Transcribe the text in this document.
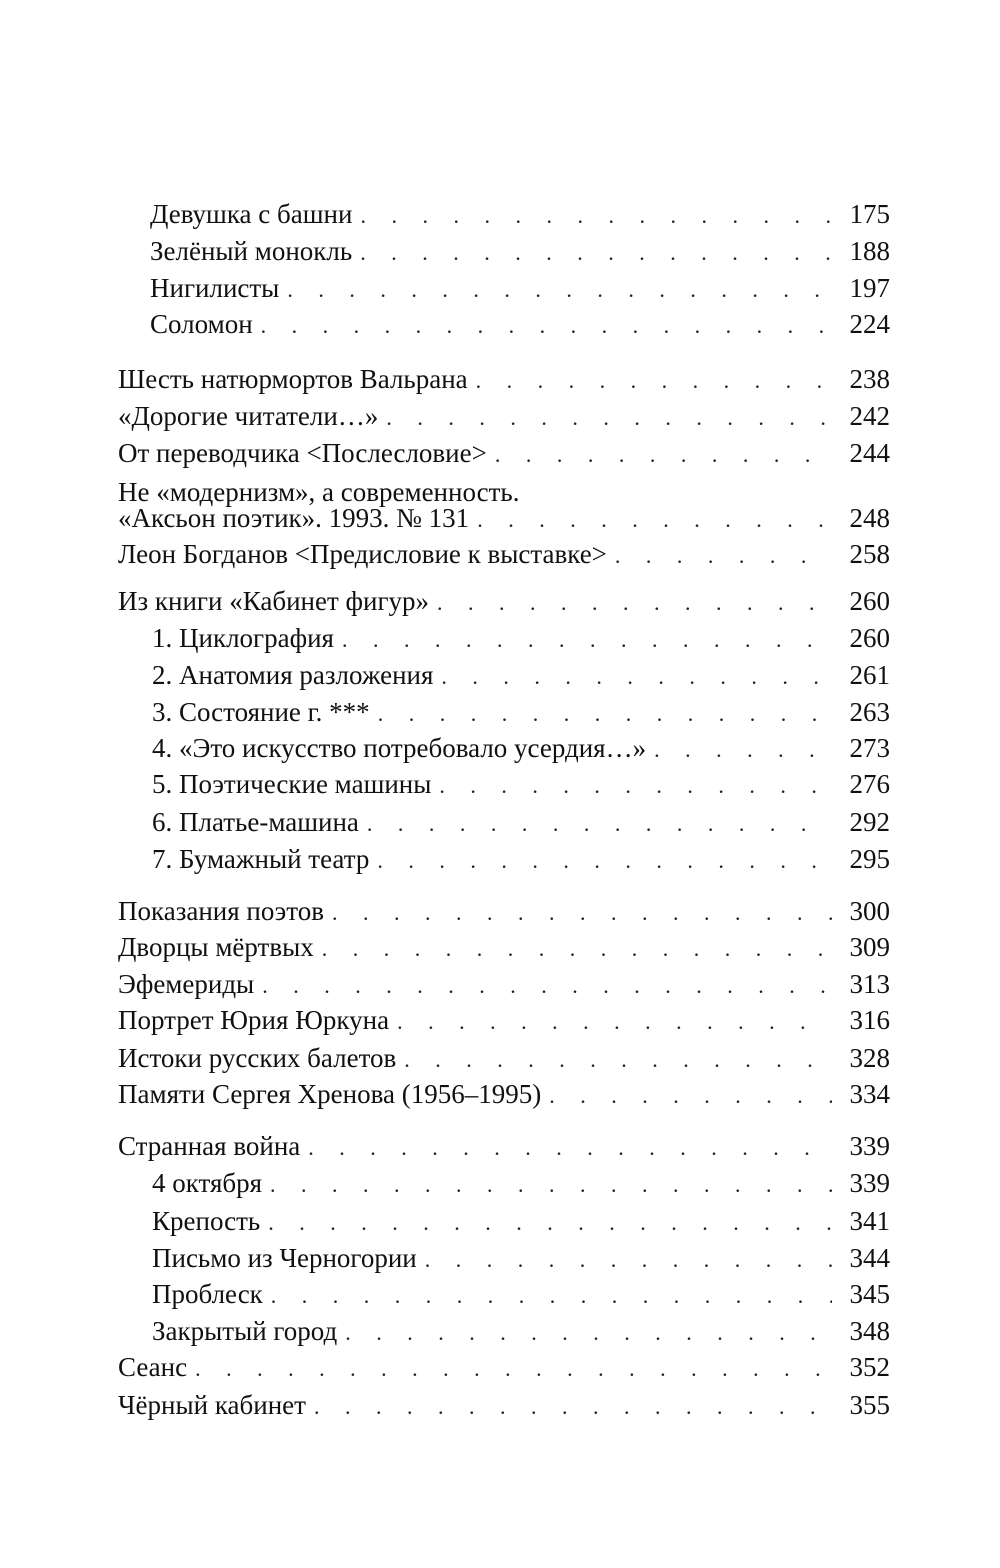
Девушка с башни . . .	175
Зелёный монокль . . .	188
Нигилисты . . .	197
Соломон . . .	224
Шесть натюрмортов Вальрана . . .	238
«Дорогие читатели…» . . .	242
От переводчика <Послесловие> . . .	244
Не «модернизм», а современность.
«Аксьон поэтик». 1993. № 131 . . .	248
Леон Богданов <Предисловие к выставке> . . .	258
Из книги «Кабинет фигур» . . .	260
1. Циклография . . .	260
2. Анатомия разложения . . .	261
3. Состояние г. *** . . .	263
4. «Это искусство потребовало усердия…» . . .	273
5. Поэтические машины . . .	276
6. Платье-машина . . .	292
7. Бумажный театр . . .	295
Показания поэтов . . .	300
Дворцы мёртвых . . .	309
Эфемериды . . .	313
Портрет Юрия Юркуна . . .	316
Истоки русских балетов . . .	328
Памяти Сергея Хренова (1956–1995) . . .	334
Странная война . . .	339
4 октября . . .	339
Крепость . . .	341
Письмо из Черногории . . .	344
Проблеск . . .	345
Закрытый город . . .	348
Сеанс . . .	352
Чёрный кабинет . . .	355
